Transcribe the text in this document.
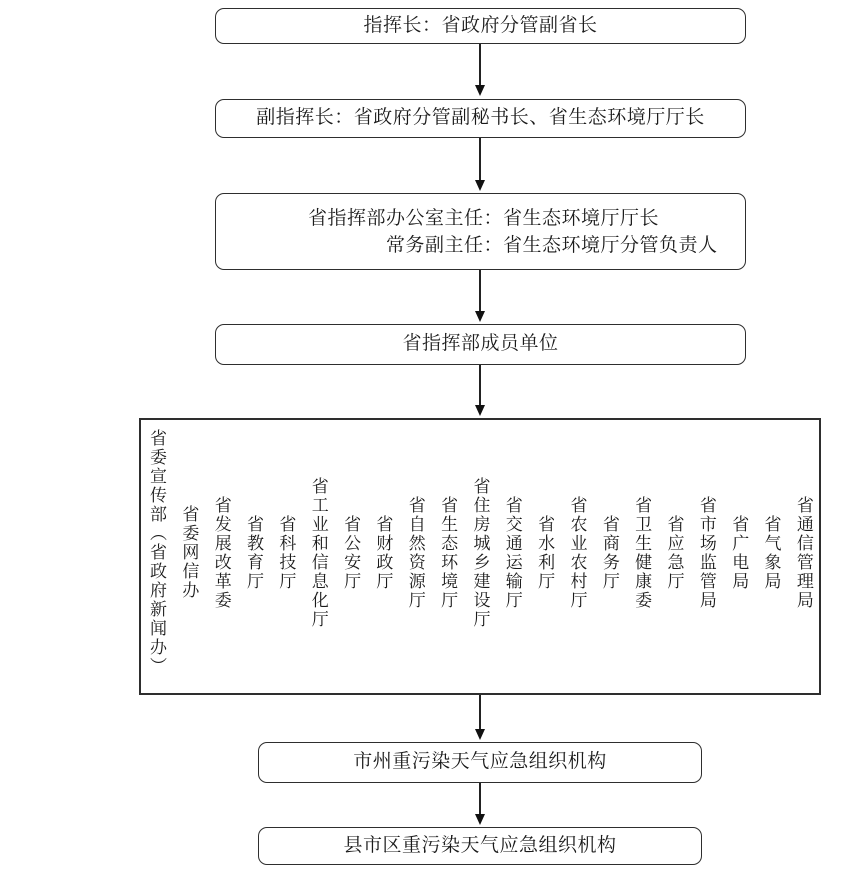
指挥长：省政府分管副省长
副指挥长：省政府分管副秘书长、省生态环境厅厅长
省指挥部办公室主任： 省生态环境厅厅长
常务副主任： 省生态环境厅分管负责人
省指挥部成员单位
省委宣传部（省政府新闻办） 省委网信办 省发展改革委 省教育厅 省科技厅 省工业和信息化厅 省公安厅 省财政厅 省自然资源厅 省生态环境厅 省住房城乡建设厅 省交通运输厅 省水利厅 省农业农村厅 省商务厅 省卫生健康委 省应急厅 省市场监管局 省广电局 省气象局 省通信管理局
市州重污染天气应急组织机构
县市区重污染天气应急组织机构
